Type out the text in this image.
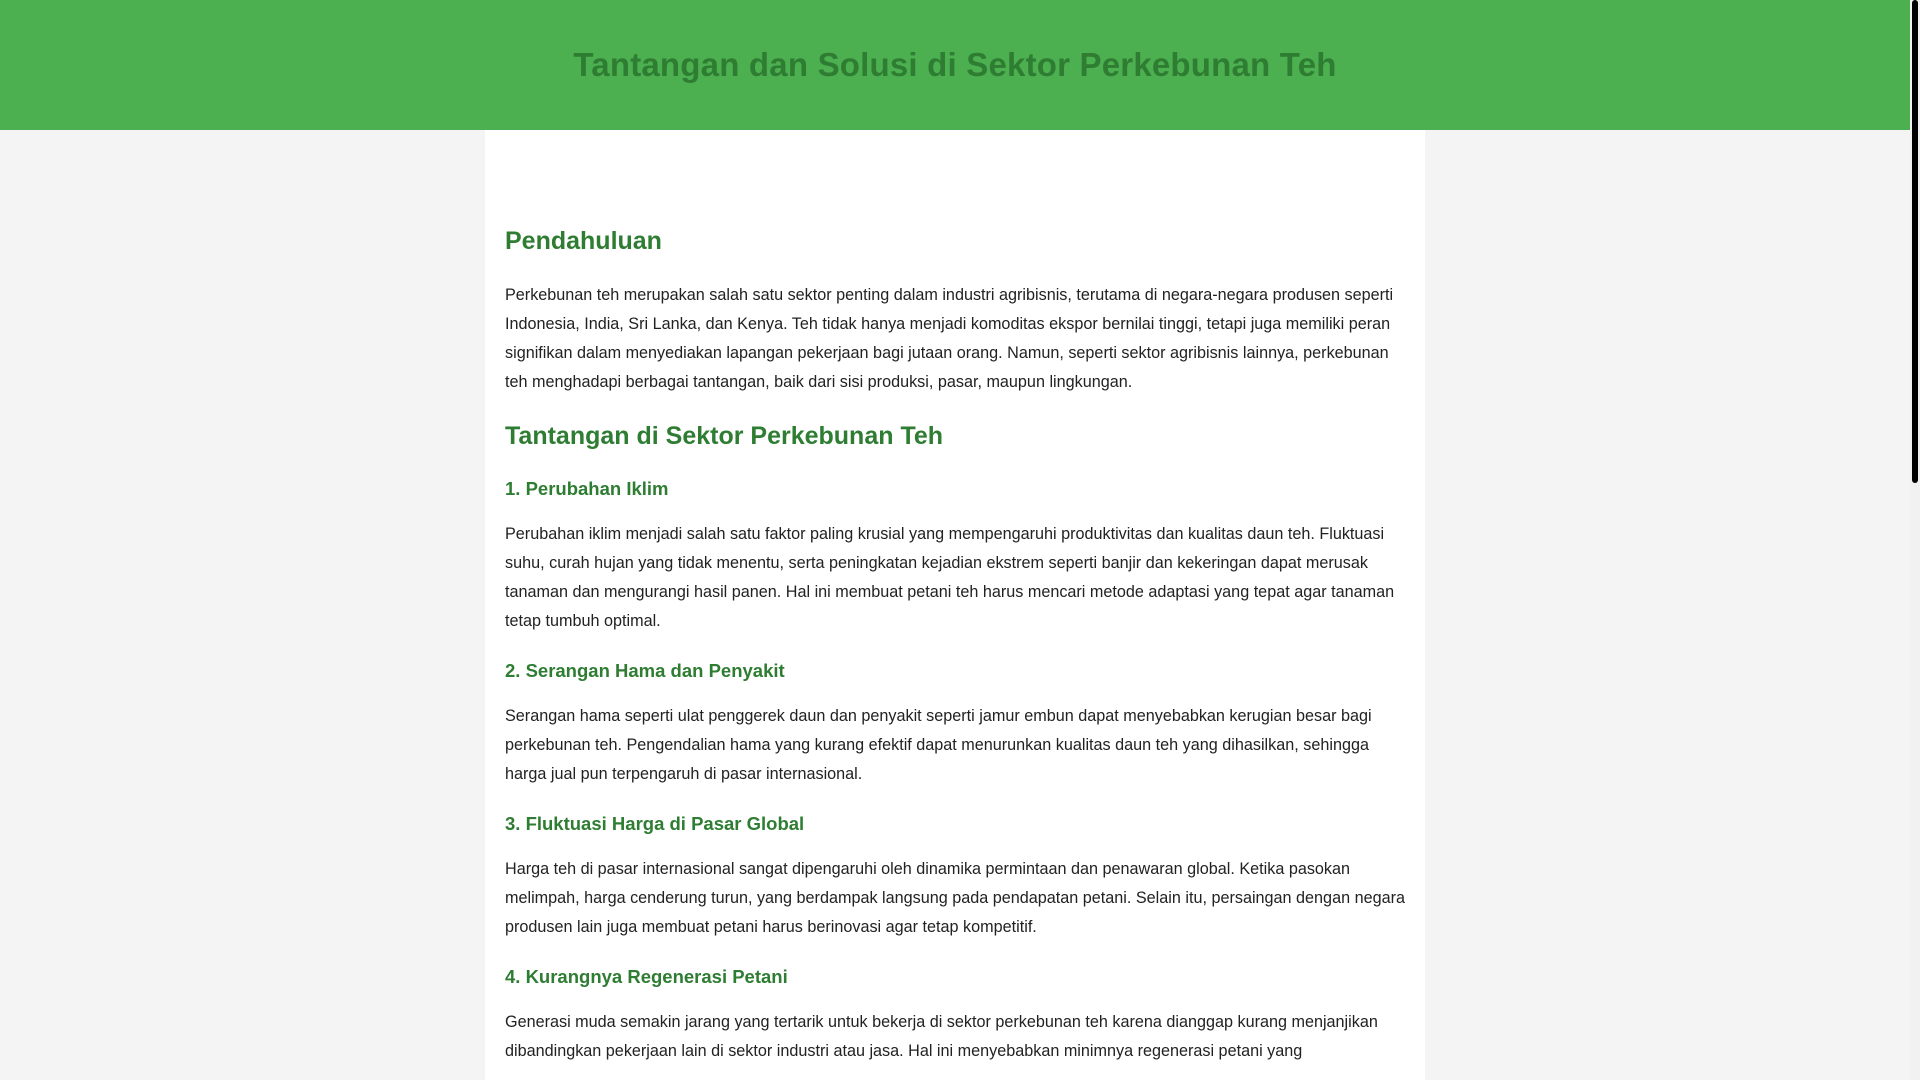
Tantangan dan Solusi di Sektor Perkebunan Teh
Pendahuluan

Perkebunan teh merupakan salah satu sektor penting dalam industri agribisnis, terutama di negara-negara produsen seperti Indonesia, India, Sri Lanka, dan Kenya. Teh tidak hanya menjadi komoditas ekspor bernilai tinggi, tetapi juga memiliki peran signifikan dalam menyediakan lapangan pekerjaan bagi jutaan orang. Namun, seperti sektor agribisnis lainnya, perkebunan teh menghadapi berbagai tantangan, baik dari sisi produksi, pasar, maupun lingkungan.

Tantangan di Sektor Perkebunan Teh
1. Perubahan Iklim

Perubahan iklim menjadi salah satu faktor paling krusial yang mempengaruhi produktivitas dan kualitas daun teh. Fluktuasi suhu, curah hujan yang tidak menentu, serta peningkatan kejadian ekstrem seperti banjir dan kekeringan dapat merusak tanaman dan mengurangi hasil panen. Hal ini membuat petani teh harus mencari metode adaptasi yang tepat agar tanaman tetap tumbuh optimal.

2. Serangan Hama dan Penyakit

Serangan hama seperti ulat penggerek daun dan penyakit seperti jamur embun dapat menyebabkan kerugian besar bagi perkebunan teh. Pengendalian hama yang kurang efektif dapat menurunkan kualitas daun teh yang dihasilkan, sehingga harga jual pun terpengaruh di pasar internasional.

3. Fluktuasi Harga di Pasar Global

Harga teh di pasar internasional sangat dipengaruhi oleh dinamika permintaan dan penawaran global. Ketika pasokan melimpah, harga cenderung turun, yang berdampak langsung pada pendapatan petani. Selain itu, persaingan dengan negara produsen lain juga membuat petani harus berinovasi agar tetap kompetitif.

4. Kurangnya Regenerasi Petani

Generasi muda semakin jarang yang tertarik untuk bekerja di sektor perkebunan teh karena dianggap kurang menjanjikan dibandingkan pekerjaan lain di sektor industri atau jasa. Hal ini menyebabkan minimnya regenerasi petani yang
